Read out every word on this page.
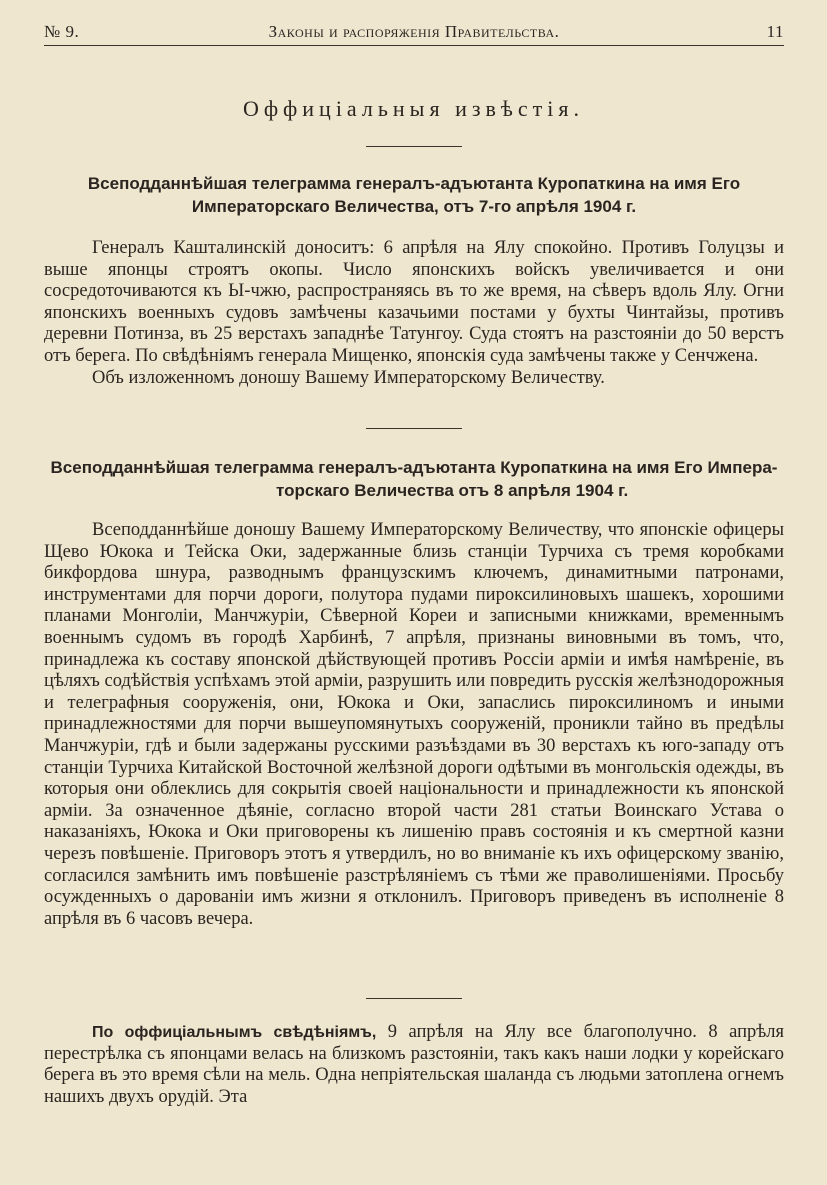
№ 9.	Законы и распоряженія Правительства.	11
Оффиціальныя извѣстія.
Всеподданнѣйшая телеграмма генералъ-адъютанта Куропаткина на имя Его
Императорскаго Величества, отъ 7-го апрѣля 1904 г.

Генералъ Кашталинскій доноситъ: 6 апрѣля на Ялу спокойно. Противъ Голуцзы и выше японцы строятъ окопы. Число японскихъ войскъ увеличивается и они сосредоточиваются къ Ы-чжю, распространяясь въ то же время, на сѣверъ вдоль Ялу. Огни японскихъ военныхъ судовъ замѣчены казачьими постами у бухты Чинтайзы, противъ деревни Потинза, въ 25 верстахъ западнѣе Татунгоу. Суда стоятъ на разстояніи до 50 верстъ отъ берега. По свѣдѣніямъ генерала Мищенко, японскія суда замѣчены также у Сенчжена.

Объ изложенномъ доношу Вашему Императорскому Величеству.

Всеподданнѣйшая телеграмма генералъ-адъютанта Куропаткина на имя Его Импера-
торскаго Величества отъ 8 апрѣля 1904 г.

Всеподданнѣйше доношу Вашему Императорскому Величеству, что японскіе офицеры Щево Юкока и Тейска Оки, задержанные близь станціи Турчиха съ тремя коробками бикфордова шнура, разводнымъ французскимъ ключемъ, динамитными патронами, инструментами для порчи дороги, полутора пудами пироксилиновыхъ шашекъ, хорошими планами Монголіи, Манчжуріи, Сѣверной Кореи и записными книжками, временнымъ военнымъ судомъ въ городѣ Харбинѣ, 7 апрѣля, признаны виновными въ томъ, что, принадлежа къ составу японской дѣйствующей противъ Россіи арміи и имѣя намѣреніе, въ цѣляхъ содѣйствія успѣхамъ этой арміи, разрушить или повредить русскія желѣзнодорожныя и телеграфныя сооруженія, они, Юкока и Оки, запаслись пироксилиномъ и иными принадлежностями для порчи вышеупомянутыхъ сооруженій, проникли тайно въ предѣлы Манчжуріи, гдѣ и были задержаны русскими разъѣздами въ 30 верстахъ къ юго-западу отъ станціи Турчиха Китайской Восточной желѣзной дороги одѣтыми въ монгольскія одежды, въ которыя они облеклись для сокрытія своей національности и принадлежности къ японской арміи. За означенное дѣяніе, согласно второй части 281 статьи Воинскаго Устава о наказаніяхъ, Юкока и Оки приговорены къ лишенію правъ состоянія и къ смертной казни черезъ повѣшеніе. Приговоръ этотъ я утвердилъ, но во вниманіе къ ихъ офицерскому званію, согласился замѣнить имъ повѣшеніе разстрѣляніемъ съ тѣми же праволишеніями. Просьбу осужденныхъ о дарованіи имъ жизни я отклонилъ. Приговоръ приведенъ въ исполненіе 8 апрѣля въ 6 часовъ вечера.

По оффиціальнымъ свѣдѣніямъ, 9 апрѣля на Ялу все благополучно. 8 апрѣля перестрѣлка съ японцами велась на близкомъ разстояніи, такъ какъ наши лодки у корейскаго берега въ это время сѣли на мель. Одна непріятельская шаланда съ людьми затоплена огнемъ нашихъ двухъ орудій. Эта
